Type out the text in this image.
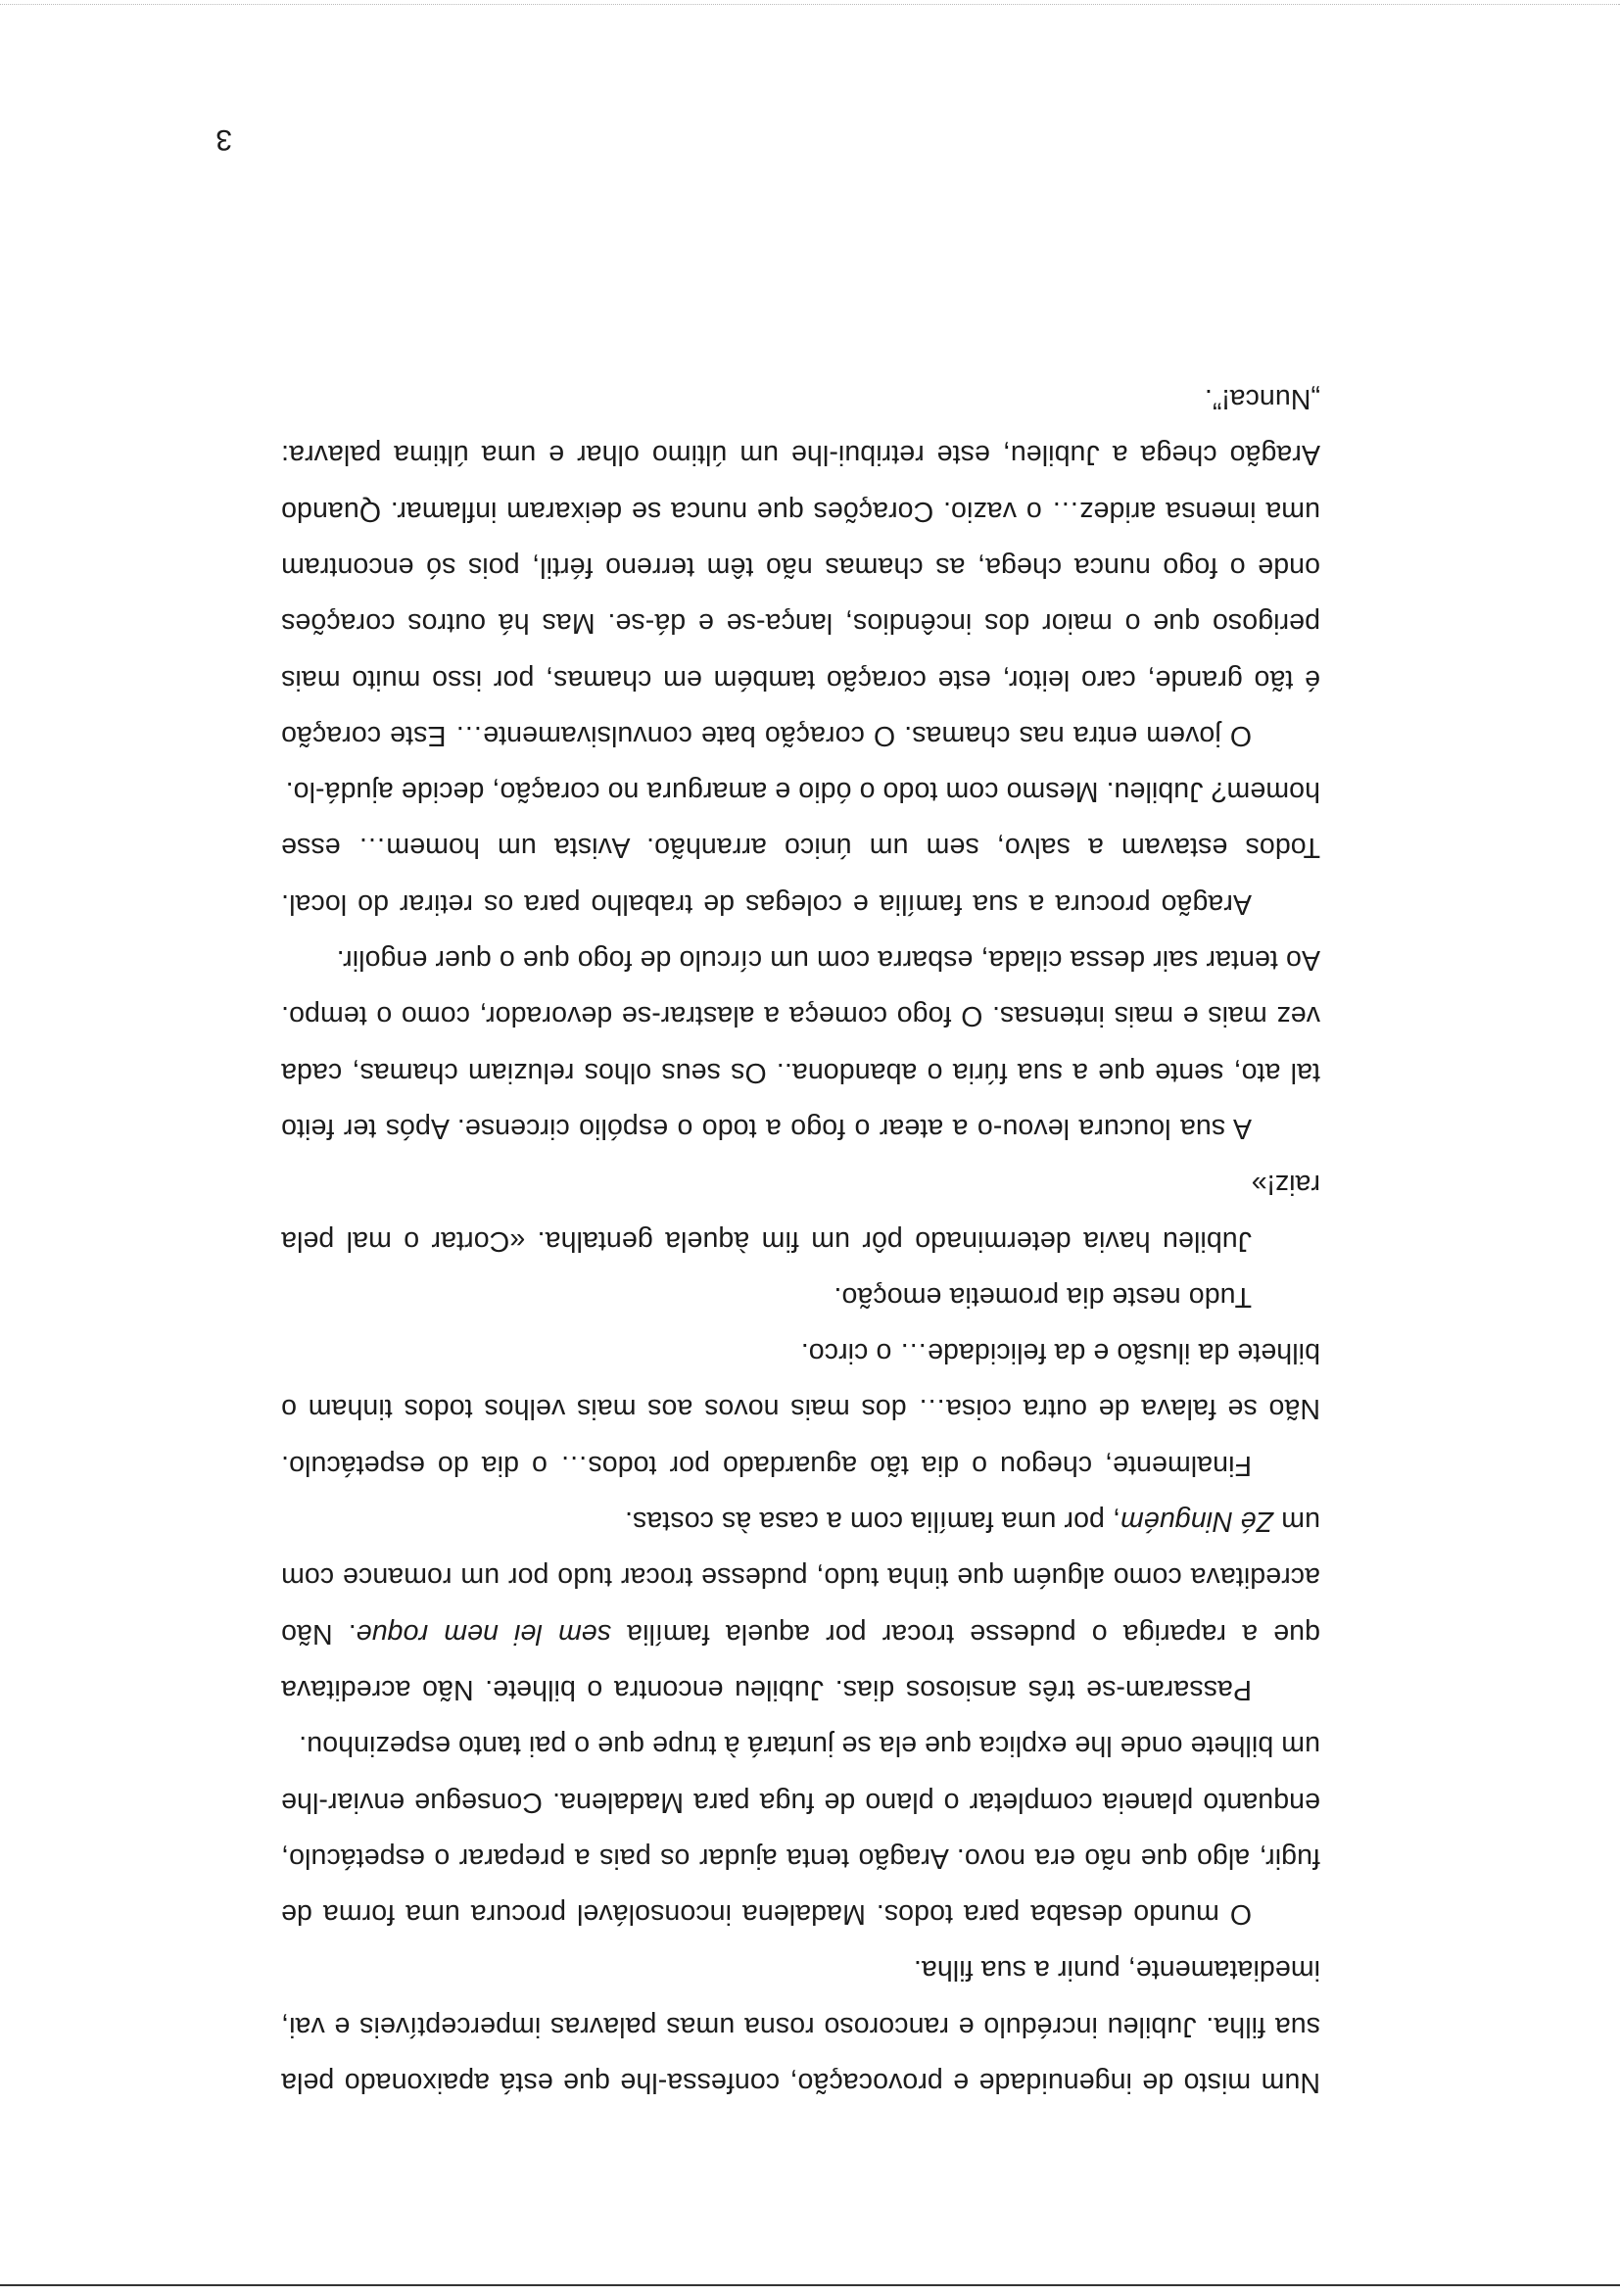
Num misto de ingenuidade e provocação, confessa-lhe que está apaixonado pela sua filha. Jubileu incrédulo e rancoroso rosna umas palavras imperceptíveis e vai, imediatamente, punir a sua filha.

O mundo desaba para todos. Madalena inconsolável procura uma forma de fugir, algo que não era novo. Aragão tenta ajudar os pais a preparar o espetáculo, enquanto planeia completar o plano de fuga para Madalena. Consegue enviar-lhe um bilhete onde lhe explica que ela se juntará à trupe que o pai tanto espezinhou.

Passaram-se três ansiosos dias. Jubileu encontra o bilhete. Não acreditava que a rapariga o pudesse trocar por aquela família sem lei nem roque. Não acreditava como alguém que tinha tudo, pudesse trocar tudo por um romance com um Zé Ninguém, por uma família com a casa às costas.

Finalmente, chegou o dia tão aguardado por todos… o dia do espetáculo. Não se falava de outra coisa… dos mais novos aos mais velhos todos tinham o bilhete da ilusão e da felicidade… o circo.

Tudo neste dia prometia emoção.

Jubileu havia determinado pôr um fim àquela gentalha. «Cortar o mal pela raiz!»

A sua loucura levou-o a atear o fogo a todo o espólio circense. Após ter feito tal ato, sente que a sua fúria o abandona.. Os seus olhos reluziam chamas, cada vez mais e mais intensas. O fogo começa a alastrar-se devorador, como o tempo. Ao tentar sair dessa cilada, esbarra com um círculo de fogo que o quer engolir.

Aragão procura a sua família e colegas de trabalho para os retirar do local. Todos estavam a salvo, sem um único arranhão. Avista um homem… esse homem? Jubileu. Mesmo com todo o ódio e amargura no coração, decide ajudá-lo.

O jovem entra nas chamas. O coração bate convulsivamente… Este coração é tão grande, caro leitor, este coração também em chamas, por isso muito mais perigoso que o maior dos incêndios, lança-se e dá-se. Mas há outros corações onde o fogo nunca chega, as chamas não têm terreno fértil, pois só encontram uma imensa aridez… o vazio. Corações que nunca se deixaram inflamar. Quando Aragão chega a Jubileu, este retribui-lhe um último olhar e uma última palavra: „Nunca!”.

3
